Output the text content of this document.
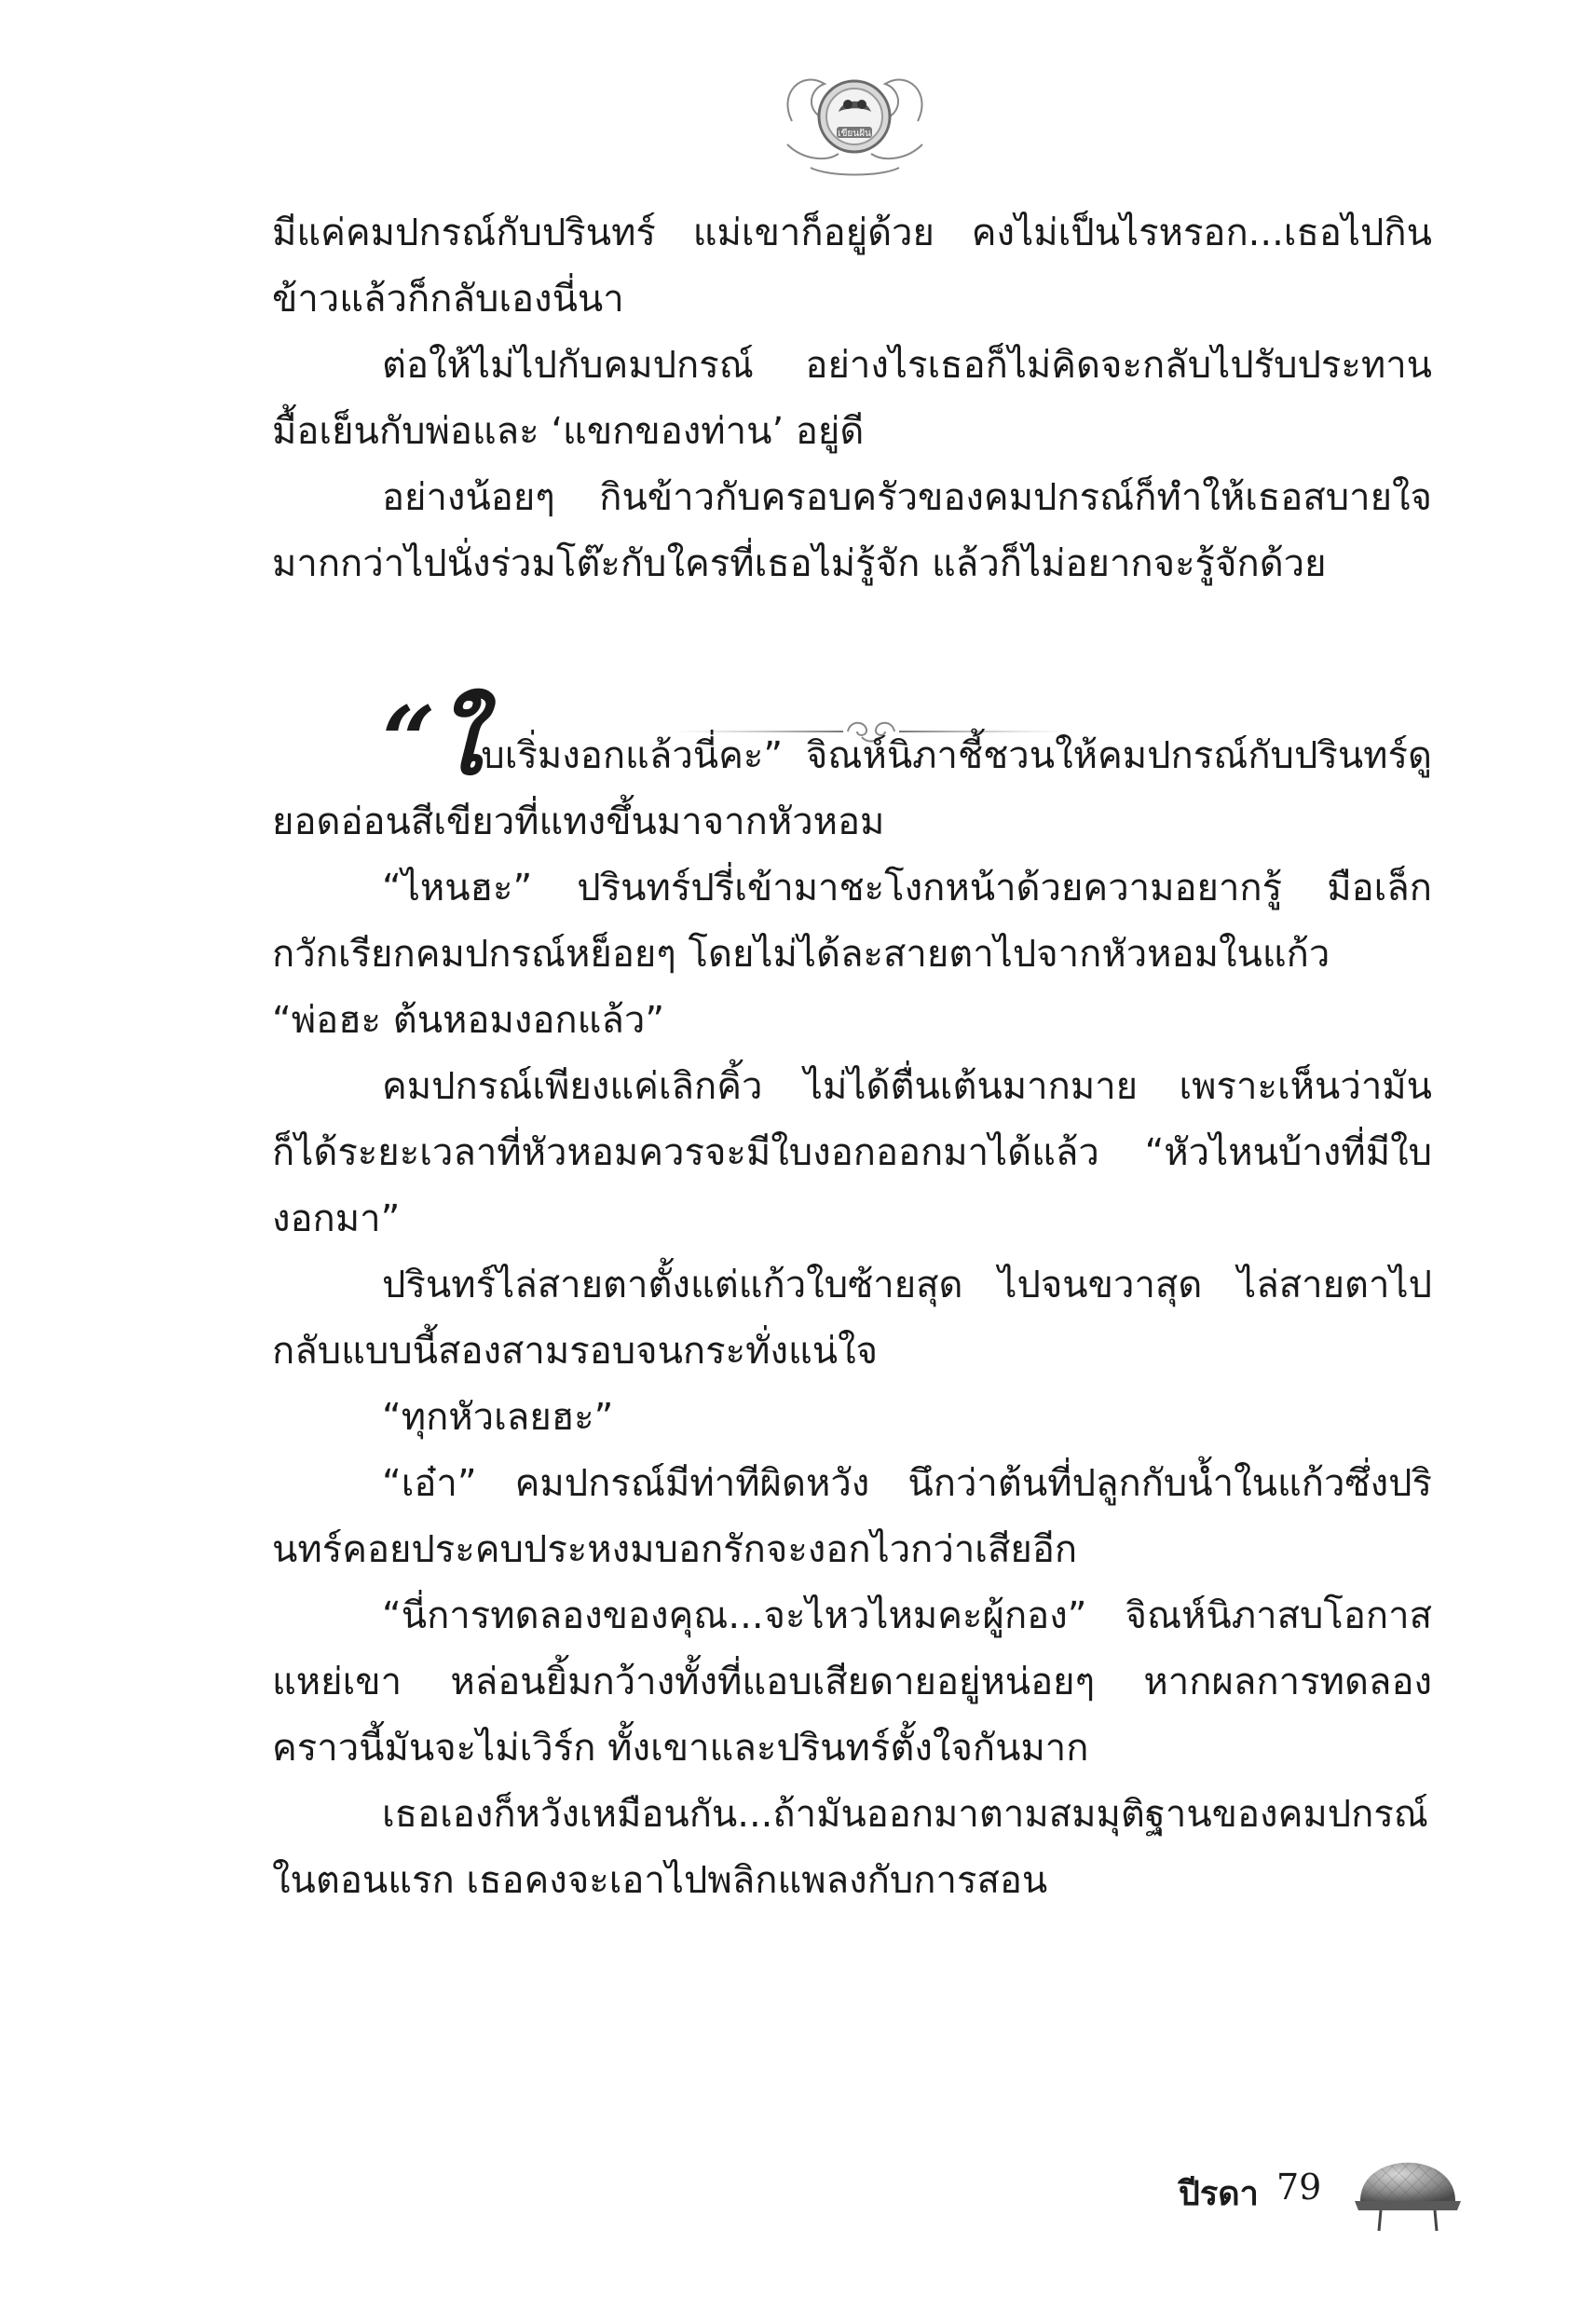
เขียนฝัน

มีแค่คมปกรณ์กับปรินทร์ แม่เขาก็อยู่ด้วย คงไม่เป็นไรหรอก...เธอไปกินข้าวแล้วก็กลับเองนี่นา

ต่อให้ไม่ไปกับคมปกรณ์ อย่างไรเธอก็ไม่คิดจะกลับไปรับประทานมื้อเย็นกับพ่อและ ‘แขกของท่าน’ อยู่ดี

อย่างน้อยๆ กินข้าวกับครอบครัวของคมปกรณ์ก็ทำให้เธอสบายใจมากกว่าไปนั่งร่วมโต๊ะกับใครที่เธอไม่รู้จัก แล้วก็ไม่อยากจะรู้จักด้วย

“ใบเริ่มงอกแล้วนี่คะ” จิณห์นิภาชี้ชวนให้คมปกรณ์กับปรินทร์ดูยอดอ่อนสีเขียวที่แทงขึ้นมาจากหัวหอม

“ไหนฮะ” ปรินทร์ปรี่เข้ามาชะโงกหน้าด้วยความอยากรู้ มือเล็กกวักเรียกคมปกรณ์หย็อยๆ โดยไม่ได้ละสายตาไปจากหัวหอมในแก้ว

“พ่อฮะ ต้นหอมงอกแล้ว”

คมปกรณ์เพียงแค่เลิกคิ้ว ไม่ได้ตื่นเต้นมากมาย เพราะเห็นว่ามันก็ได้ระยะเวลาที่หัวหอมควรจะมีใบงอกออกมาได้แล้ว “หัวไหนบ้างที่มีใบงอกมา”

ปรินทร์ไล่สายตาตั้งแต่แก้วใบซ้ายสุด ไปจนขวาสุด ไล่สายตาไปกลับแบบนี้สองสามรอบจนกระทั่งแน่ใจ

“ทุกหัวเลยฮะ”

“เอ๋า” คมปกรณ์มีท่าทีผิดหวัง นึกว่าต้นที่ปลูกกับน้ำในแก้วซึ่งปรินทร์คอยประคบประหงมบอกรักจะงอกไวกว่าเสียอีก

“นี่การทดลองของคุณ...จะไหวไหมคะผู้กอง” จิณห์นิภาสบโอกาสแหย่เขา หล่อนยิ้มกว้างทั้งที่แอบเสียดายอยู่หน่อยๆ หากผลการทดลองคราวนี้มันจะไม่เวิร์ก ทั้งเขาและปรินทร์ตั้งใจกันมาก

เธอเองก็หวังเหมือนกัน...ถ้ามันออกมาตามสมมุติฐานของคมปกรณ์ในตอนแรก เธอคงจะเอาไปพลิกแพลงกับการสอน

ปีรดา 79
